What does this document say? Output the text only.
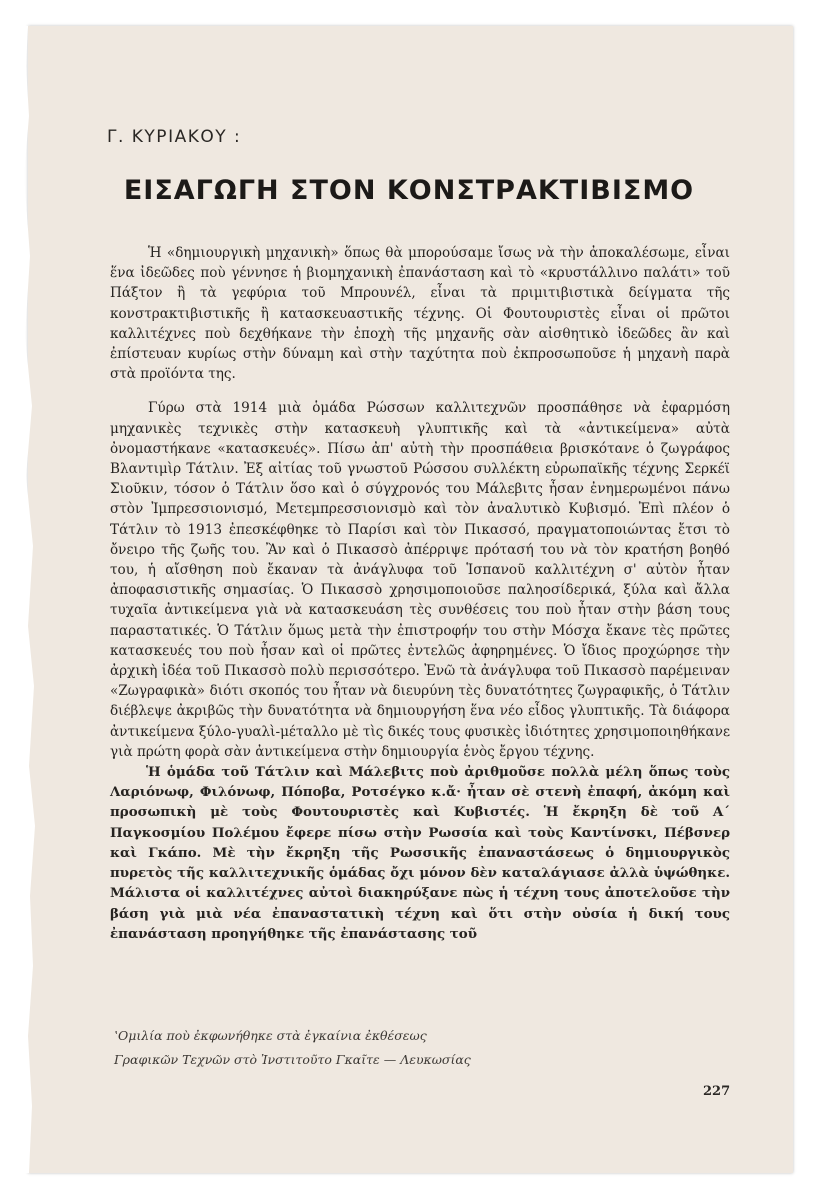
Γ. ΚΥΡΙΑΚΟΥ :
ΕΙΣΑΓΩΓΗ ΣΤΟΝ ΚΟΝΣΤΡΑΚΤΙΒΙΣΜΟ

Ἡ «δημιουργικὴ μηχανικὴ» ὅπως θὰ μπορούσαμε ἴσως νὰ τὴν ἀποκαλέσωμε, εἶναι ἕνα ἰδεῶδες ποὺ γέννησε ἡ βιομηχανικὴ ἐπανάσταση καὶ τὸ «κρυστάλλινο παλάτι» τοῦ Πάξτον ἢ τὰ γεφύρια τοῦ Μπρουνέλ, εἶναι τὰ πριμιτιβιστικὰ δείγματα τῆς κονστρακτιβιστικῆς ἢ κατασκευαστικῆς τέχνης. Οἱ Φουτουριστὲς εἶναι οἱ πρῶτοι καλλιτέχνες ποὺ δεχθήκανε τὴν ἐποχὴ τῆς μηχανῆς σὰν αἰσθητικὸ ἰδεῶδες ἂν καὶ ἐπίστευαν κυρίως στὴν δύναμη καὶ στὴν ταχύτητα ποὺ ἐκπροσωποῦσε ἡ μηχανὴ παρὰ στὰ προϊόντα της.

Γύρω στὰ 1914 μιὰ ὁμάδα Ρώσσων καλλιτεχνῶν προσπάθησε νὰ ἐφαρμόση μηχανικὲς τεχνικὲς στὴν κατασκευὴ γλυπτικῆς καὶ τὰ «ἀντικείμενα» αὐτὰ ὀνομαστήκανε «κατασκευές». Πίσω ἀπ' αὐτὴ τὴν προσπάθεια βρισκότανε ὁ ζωγράφος Βλαντιμὶρ Τάτλιν. Ἐξ αἰτίας τοῦ γνωστοῦ Ρώσσου συλλέκτη εὐρωπαϊκῆς τέχνης Σερκέϊ Σιοῦκιν, τόσον ὁ Τάτλιν ὅσο καὶ ὁ σύγχρονός του Μάλεβιτς ἦσαν ἐνημερωμένοι πάνω στὸν Ἰμπρεσσιονισμό, Μετεμπρεσσιονισμὸ καὶ τὸν ἀναλυτικὸ Κυβισμό. Ἐπὶ πλέον ὁ Τάτλιν τὸ 1913 ἐπεσκέφθηκε τὸ Παρίσι καὶ τὸν Πικασσό, πραγματοποιώντας ἔτσι τὸ ὄνειρο τῆς ζωῆς του. Ἂν καὶ ὁ Πικασσὸ ἀπέρριψε πρότασή του νὰ τὸν κρατήση βοηθό του, ἡ αἴσθηση ποὺ ἔκαναν τὰ ἀνάγλυφα τοῦ Ἱσπανοῦ καλλιτέχνη σ' αὐτὸν ἦταν ἀποφασιστικῆς σημασίας. Ὁ Πικασσὸ χρησιμοποιοῦσε παληοσίδερικά, ξύλα καὶ ἄλλα τυχαῖα ἀντικείμενα γιὰ νὰ κατασκευάση τὲς συνθέσεις του ποὺ ἦταν στὴν βάση τους παραστατικές. Ὁ Τάτλιν ὅμως μετὰ τὴν ἐπιστροφήν του στὴν Μόσχα ἔκανε τὲς πρῶτες κατασκευές του ποὺ ἦσαν καὶ οἱ πρῶτες ἐντελῶς ἀφηρημένες. Ὁ ἴδιος προχώρησε τὴν ἀρχικὴ ἰδέα τοῦ Πικασσὸ πολὺ περισσότερο. Ἐνῶ τὰ ἀνάγλυφα τοῦ Πικασσὸ παρέμειναν «Ζωγραφικὰ» διότι σκοπός του ἦταν νὰ διευρύνη τὲς δυνατότητες ζωγραφικῆς, ὁ Τάτλιν διέβλεψε ἀκριβῶς τὴν δυνατότητα νὰ δημιουργήση ἕνα νέο εἶδος γλυπτικῆς. Τὰ διάφορα ἀντικείμενα ξύλο-γυαλὶ-μέταλλο μὲ τὶς δικές τους φυσικὲς ἰδιότητες χρησιμοποιηθήκανε γιὰ πρώτη φορὰ σὰν ἀντικείμενα στὴν δημιουργία ἑνὸς ἔργου τέχνης.

Ἡ ὁμάδα τοῦ Τάτλιν καὶ Μάλεβιτς ποὺ ἀριθμοῦσε πολλὰ μέλη ὅπως τοὺς Λαριόνωφ, Φιλόνωφ, Πόποβα, Ροτσέγκο κ.ἄ· ἦταν σὲ στενὴ ἐπαφή, ἀκόμη καὶ προσωπικὴ μὲ τοὺς Φουτουριστὲς καὶ Κυβιστές. Ἡ ἔκρηξη δὲ τοῦ Α΄ Παγκοσμίου Πολέμου ἔφερε πίσω στὴν Ρωσσία καὶ τοὺς Καντίνσκι, Πέβσνερ καὶ Γκάπο. Μὲ τὴν ἔκρηξη τῆς Ρωσσικῆς ἐπαναστάσεως ὁ δημιουργικὸς πυρετὸς τῆς καλλιτεχνικῆς ὁμάδας ὄχι μόνον δὲν καταλάγιασε ἀλλὰ ὑψώθηκε. Μάλιστα οἱ καλλιτέχνες αὐτοὶ διακηρύξανε πὼς ἡ τέχνη τους ἀποτελοῦσε τὴν βάση γιὰ μιὰ νέα ἐπαναστατικὴ τέχνη καὶ ὅτι στὴν οὐσία ἡ δική τους ἐπανάσταση προηγήθηκε τῆς ἐπανάστασης τοῦ

ʽΟμιλία ποὺ ἐκφωνήθηκε στὰ ἐγκαίνια ἐκθέσεως
Γραφικῶν Τεχνῶν στὸ Ἰνστιτοῦτο Γκαῖτε — Λευκωσίας
227
